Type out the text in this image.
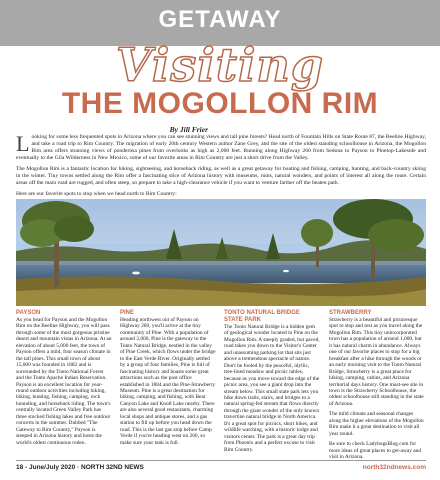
GETAWAY
Visiting
THE MOGOLLON RIM
By Jill Frier

Looking for some less frequented spots in Arizona where you can see stunning views and tall pine forests? Head north of Fountain Hills on State Route 87, the Beeline Highway, and take a road trip to Rim Country. The migration of early 20th century Western author Zane Grey, and the site of the oldest standing schoolhouse in Arizona, the Mogollon Rim area offers stunning views of ponderosa pines from overlooks as high as 2,000 feet. Running along Highway 260 from Sedona to Payson to Pinetop-Lakeside and eventually to the Gila Wilderness in New Mexico, some of our favorite areas in Rim Country are just a short drive from the Valley.

The Mogollon Rim is a fantastic location for hiking, sightseeing, and horseback riding, as well as a great getaway for boating and fishing, camping, hunting, and back-country skiing in the winter. Tiny towns settled along the Rim offer a fascinating slice of Arizona history with museums, ruins, natural wonders, and points of interest all along the route. Certain areas off the main road are rugged, and often steep, so prepare to take a high-clearance vehicle if you want to venture farther off the beaten path.

Here are our favorite spots to stop when we head north to Rim Country:

PAYSON

As you head for Payson and the Mogollon Rim on the Beeline Highway, you will pass through some of the most gorgeous pristine desert and mountain vistas in Arizona. At an elevation of about 5,000 feet, the town of Payson offers a mild, four season climate in the tall pines. This small town of about 15,000 was founded in 1882 and is surrounded by the Tonto National Forest and the Tonto Apache Indian Reservation. Payson is an excellent location for year-round outdoor activities including hiking, biking, hunting, fishing, camping, rock hounding, and horseback riding. The town's centrally located Green Valley Park has three stocked fishing lakes and free outdoor concerts in the summer. Dubbed "The Gateway to Rim Country," Payson is steeped in Arizona history and hosts the world's oldest continuous rodeo.

PINE

Heading northwest out of Payson on Highway 260, you'll arrive at the tiny community of Pine. With a population of around 2,000, Pine is the gateway to the Tonto Natural Bridge, nestled in the valley of Pine Creek, which flows under the bridge to the East Verde River. Originally settled by a group of four families, Pine is full of fascinating history and boasts some great attractions such as the post office established in 1884 and the Pine-Strawberry Museum. Pine is a great destination for hiking, camping, and fishing, with Bear Canyon Lake and Knoll Lake nearby. There are also several good restaurants, charming local shops and antique stores, and a gas station to fill up before you head down the road. This is the last gas stop before Camp Verde if you're heading west on 260, so make sure your tank is full.

TONTO NATURAL BRIDGE STATE PARK

The Tonto Natural Bridge is a hidden gem of geological wonder located in Pine on the Mogollon Rim. A steeply graded, but paved, road takes you down to the Visitor's Center and unassuming parking lot that sits just above a tremendous spectacle of nature. Don't be fooled by the peaceful, idyllic, tree-lined meadow and picnic tables, because as you move toward the edge of the picnic area, you see a giant drop into the stream below. This small state park lets you hike down trails, stairs, and bridges to a natural spring-fed stream that flows directly through the giant wonder of the only known travertine natural bridge in North America. It's a great spot for picnics, short hikes, and wildlife watching, with a historic lodge and visitors center. The park is a great day trip from Phoenix and a perfect excuse to visit Rim Country.

STRAWBERRY

Strawberry is a beautiful and picturesque spot to stop and rest as you travel along the Mogollon Rim. This tiny unincorporated town has a population of around 1,000, but it has natural charm in abundance. Always one of our favorite places to stop for a big breakfast after a hike through the woods or an early morning visit to the Tonto Natural Bridge, Strawberry is a great place for hiking, camping, cabins, and Arizona territorial days history. One must-see site in town is the Strawberry Schoolhouse, the oldest schoolhouse still standing in the state of Arizona.

The mild climate and seasonal changes along the higher elevations of the Mogollon Rim make it a great destination to visit all year round.

Be sure to check LadybugsBlog.com for more ideas of great places to get-away and visit in Arizona.

18 - June/July 2020 · NORTH 32ND NEWS	north32ndnews.com
